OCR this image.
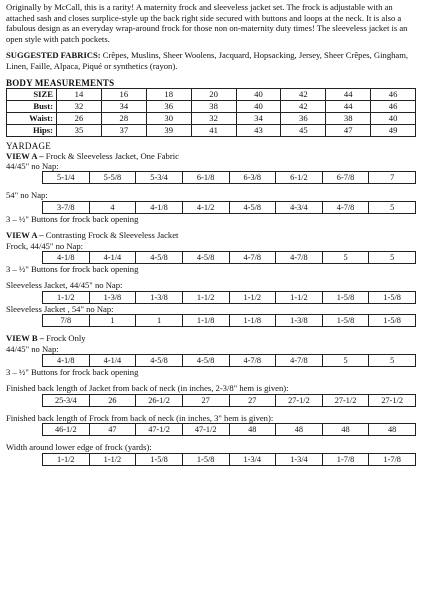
Originally by McCall, this is a rarity! A maternity frock and sleeveless jacket set. The frock is adjustable with an attached sash and closes surplice-style up the back right side secured with buttons and loops at the neck. It is also a fabulous design as an everyday wrap-around frock for those non on-maternity duty times! The sleeveless jacket is an open style with patch pockets.

SUGGESTED FABRICS: Crêpes, Muslins, Sheer Woolens, Jacquard, Hopsacking, Jersey, Sheer Crêpes, Gingham, Linen, Faille, Alpaca, Piqué or synthetics (rayon).

BODY MEASUREMENTS
SIZE	14	16	18	20	40	42	44	46
Bust:	32	34	36	38	40	42	44	46
Waist:	26	28	30	32	34	36	38	40
Hips:	35	37	39	41	43	45	47	49
YARDAGE

VIEW A – Frock & Sleeveless Jacket, One Fabric

44/45" no Nap:

5-1/4	5-5/8	5-3/4	6-1/8	6-3/8	6-1/2	6-7/8	7

54" no Nap:

3-7/8	4	4-1/8	4-1/2	4-5/8	4-3/4	4-7/8	5

3 – ½" Buttons for frock back opening

VIEW A – Contrasting Frock & Sleeveless Jacket

Frock, 44/45" no Nap:

4-1/8	4-1/4	4-5/8	4-5/8	4-7/8	4-7/8	5	5

3 – ½" Buttons for frock back opening

Sleeveless Jacket, 44/45" no Nap:

1-1/2	1-3/8	1-3/8	1-1/2	1-1/2	1-1/2	1-5/8	1-5/8

Sleeveless Jacket , 54" no Nap:

7/8	1	1	1-1/8	1-1/8	1-3/8	1-5/8	1-5/8

VIEW B – Frock Only

44/45" no Nap:

4-1/8	4-1/4	4-5/8	4-5/8	4-7/8	4-7/8	5	5

3 – ½" Buttons for frock back opening

Finished back length of Jacket from back of neck (in inches, 2-3/8" hem is given):

25-3/4	26	26-1/2	27	27	27-1/2	27-1/2	27-1/2

Finished back length of Frock from back of neck (in inches, 3" hem is given):

46-1/2	47	47-1/2	47-1/2	48	48	48	48

Width around lower edge of frock (yards):

1-1/2	1-1/2	1-5/8	1-5/8	1-3/4	1-3/4	1-7/8	1-7/8
